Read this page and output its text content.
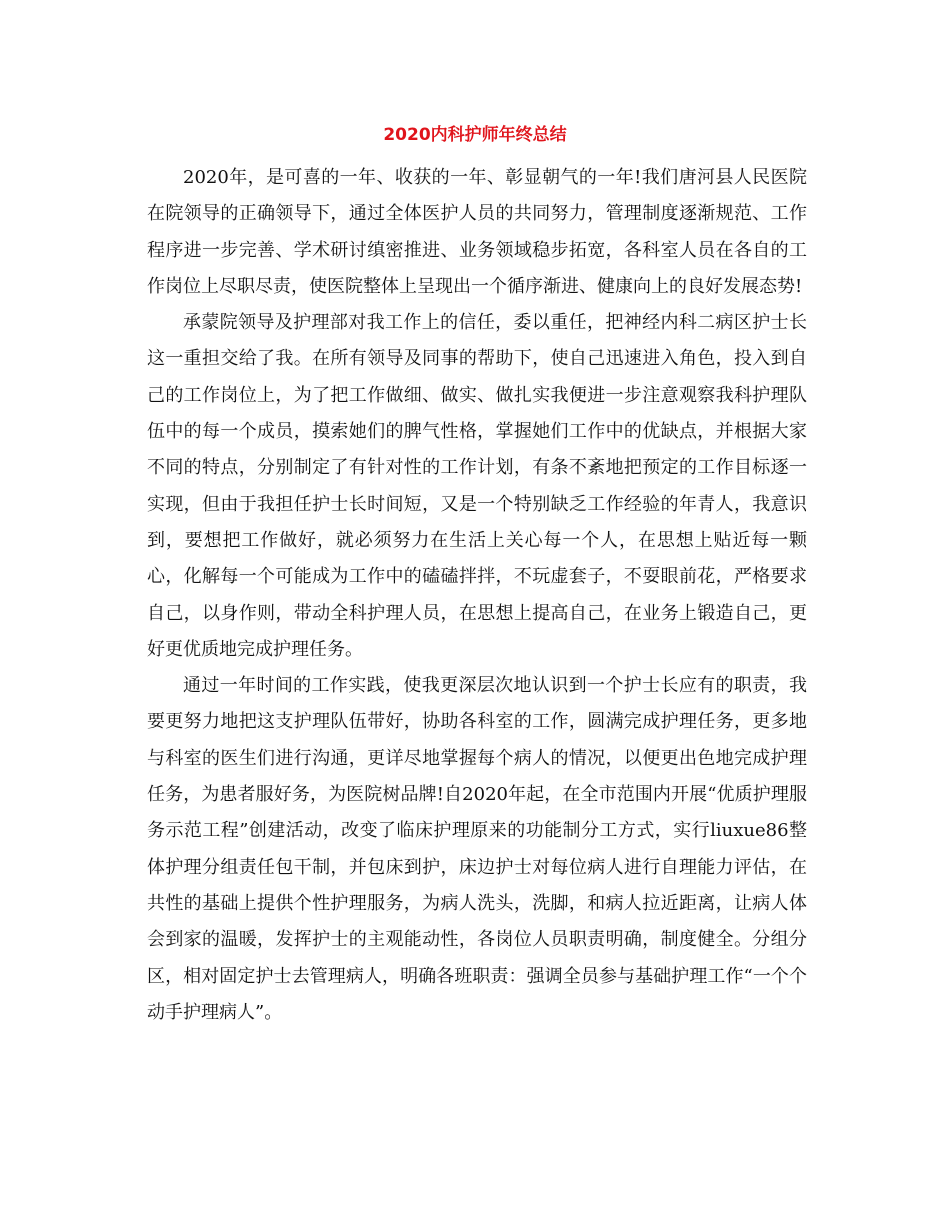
2020内科护师年终总结

2020年，是可喜的一年、收获的一年、彰显朝气的一年!我们唐河县人民医院在院领导的正确领导下，通过全体医护人员的共同努力，管理制度逐渐规范、工作程序进一步完善、学术研讨缜密推进、业务领域稳步拓宽，各科室人员在各自的工作岗位上尽职尽责，使医院整体上呈现出一个循序渐进、健康向上的良好发展态势!

承蒙院领导及护理部对我工作上的信任，委以重任，把神经内科二病区护士长这一重担交给了我。在所有领导及同事的帮助下，使自己迅速进入角色，投入到自己的工作岗位上，为了把工作做细、做实、做扎实我便进一步注意观察我科护理队伍中的每一个成员，摸索她们的脾气性格，掌握她们工作中的优缺点，并根据大家不同的特点，分别制定了有针对性的工作计划，有条不紊地把预定的工作目标逐一实现，但由于我担任护士长时间短，又是一个特别缺乏工作经验的年青人，我意识到，要想把工作做好，就必须努力在生活上关心每一个人，在思想上贴近每一颗心，化解每一个可能成为工作中的磕磕拌拌，不玩虚套子，不耍眼前花，严格要求自己，以身作则，带动全科护理人员，在思想上提高自己，在业务上锻造自己，更好更优质地完成护理任务。

通过一年时间的工作实践，使我更深层次地认识到一个护士长应有的职责，我要更努力地把这支护理队伍带好，协助各科室的工作，圆满完成护理任务，更多地与科室的医生们进行沟通，更详尽地掌握每个病人的情况，以便更出色地完成护理任务，为患者服好务，为医院树品牌!自2020年起，在全市范围内开展“优质护理服务示范工程”创建活动，改变了临床护理原来的功能制分工方式，实行liuxue86整体护理分组责任包干制，并包床到护，床边护士对每位病人进行自理能力评估，在共性的基础上提供个性护理服务，为病人洗头，洗脚，和病人拉近距离，让病人体会到家的温暖，发挥护士的主观能动性，各岗位人员职责明确，制度健全。分组分区，相对固定护士去管理病人，明确各班职责：强调全员参与基础护理工作“一个个动手护理病人”。
